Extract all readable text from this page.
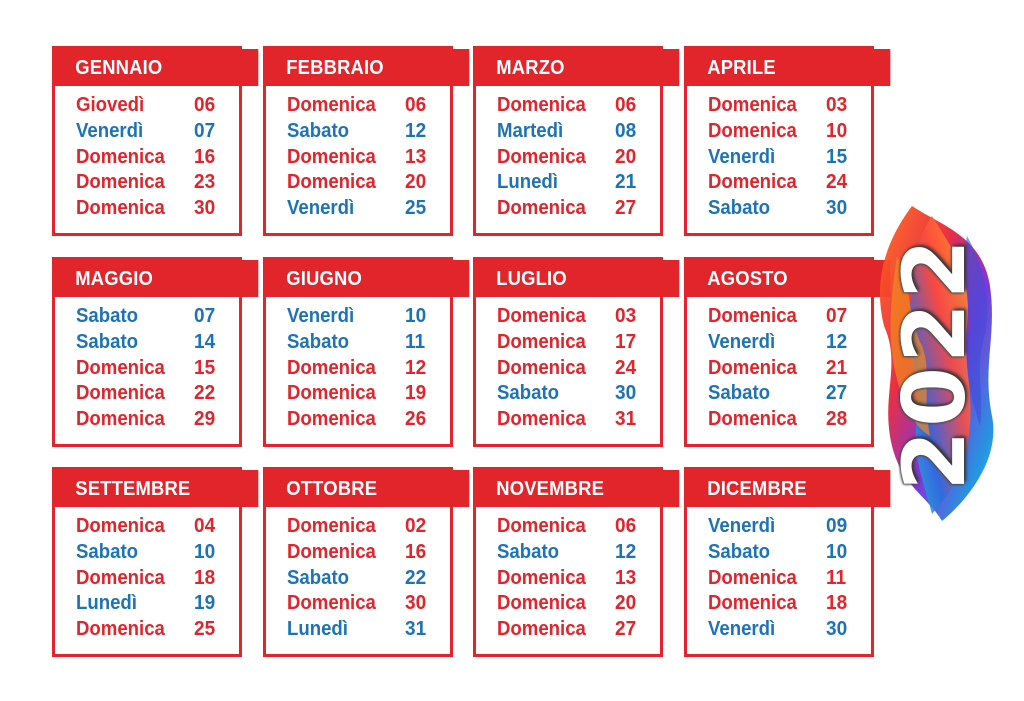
GENNAIO
Giovedì 06
Venerdì	07
Domenica 16
Domenica 23
Domenica 30
FEBBRAIO
Domenica 06
Sabato	12
Domenica 13
Domenica 20
Venerdì	25
MARZO
Domenica 06
Martedì	08
Domenica 20
Lunedì	21
Domenica 27
APRILE
Domenica 03
Domenica 10
Venerdì	15
Domenica 24
Sabato	30
MAGGIO
Sabato	07
Sabato	14
Domenica 15
Domenica 22
Domenica 29
GIUGNO
Venerdì	10
Sabato	11
Domenica 12
Domenica 19
Domenica 26
LUGLIO
Domenica 03
Domenica 17
Domenica 24
Sabato	30
Domenica 31
AGOSTO
Domenica 07
Venerdì	12
Domenica 21
Sabato	27
Domenica 28
SETTEMBRE
Domenica 04
Sabato	10
Domenica 18
Lunedì	19
Domenica 25
OTTOBRE
Domenica 02
Domenica 16
Sabato	22
Domenica 30
Lunedì	31
NOVEMBRE
Domenica 06
Sabato	12
Domenica 13
Domenica 20
Domenica 27
DICEMBRE
Venerdì	09
Sabato	10
Domenica 11
Domenica 18
Venerdì	30
2022
